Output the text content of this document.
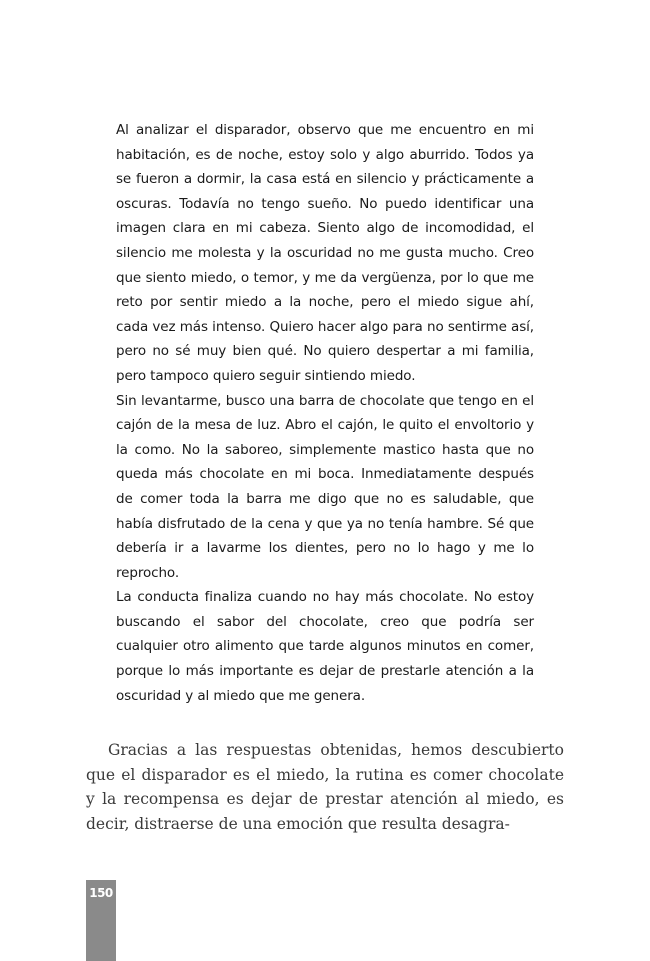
Al analizar el disparador, observo que me encuentro en mi habitación, es de noche, estoy solo y algo aburrido. Todos ya se fueron a dormir, la casa está en silencio y prácticamente a oscuras. Todavía no tengo sueño. No puedo identificar una imagen clara en mi cabeza. Siento algo de incomodidad, el silencio me molesta y la oscuridad no me gusta mucho. Creo que siento miedo, o temor, y me da vergüenza, por lo que me reto por sentir miedo a la noche, pero el miedo sigue ahí, cada vez más intenso. Quiero hacer algo para no sentirme así, pero no sé muy bien qué. No quiero despertar a mi familia, pero tampoco quiero seguir sintiendo miedo.

Sin levantarme, busco una barra de chocolate que tengo en el cajón de la mesa de luz. Abro el cajón, le quito el envoltorio y la como. No la saboreo, simplemente mastico hasta que no queda más chocolate en mi boca. Inmediatamente después de comer toda la barra me digo que no es saludable, que había disfrutado de la cena y que ya no tenía hambre. Sé que debería ir a lavarme los dientes, pero no lo hago y me lo reprocho.

La conducta finaliza cuando no hay más chocolate. No estoy buscando el sabor del chocolate, creo que podría ser cualquier otro alimento que tarde algunos minutos en comer, porque lo más importante es dejar de prestarle atención a la oscuridad y al miedo que me genera.

Gracias a las respuestas obtenidas, hemos descubierto que el disparador es el miedo, la rutina es comer chocolate y la recompensa es dejar de prestar atención al miedo, es decir, distraerse de una emoción que resulta desagra-

150
